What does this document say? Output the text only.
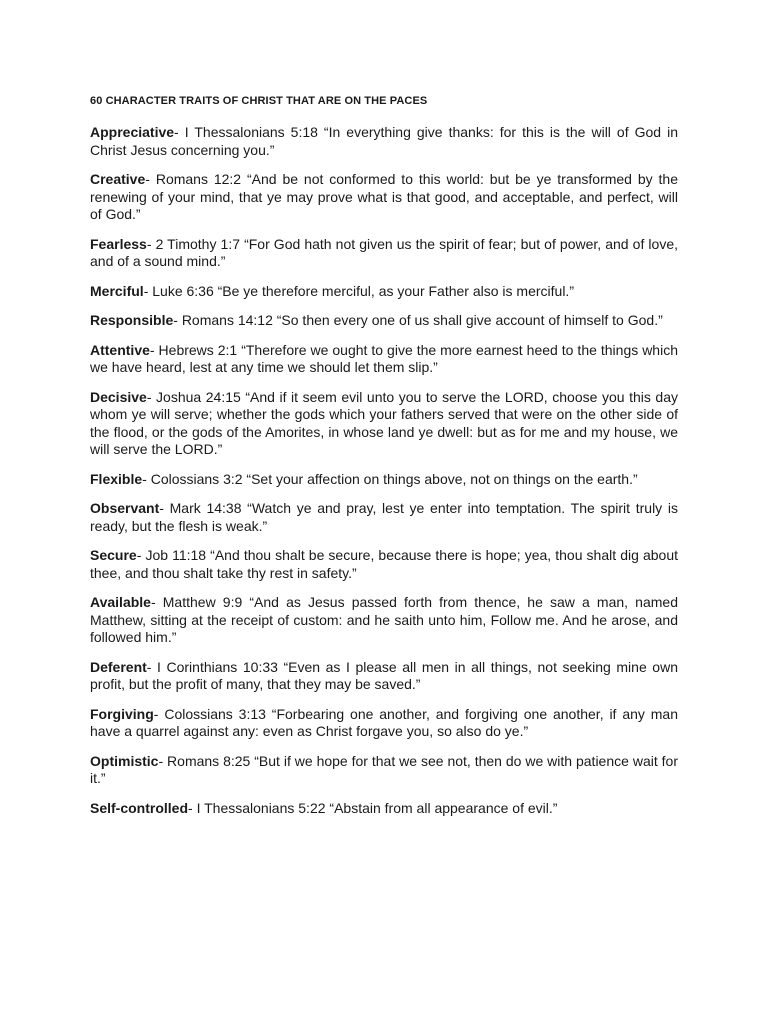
60 CHARACTER TRAITS OF CHRIST THAT ARE ON THE PACES
Appreciative- I Thessalonians 5:18 “In everything give thanks: for this is the will of God in Christ Jesus concerning you.”
Creative- Romans 12:2 “And be not conformed to this world: but be ye transformed by the renewing of your mind, that ye may prove what is that good, and acceptable, and perfect, will of God.”
Fearless- 2 Timothy 1:7 “For God hath not given us the spirit of fear; but of power, and of love, and of a sound mind.”
Merciful- Luke 6:36 “Be ye therefore merciful, as your Father also is merciful.”
Responsible- Romans 14:12 “So then every one of us shall give account of himself to God.”
Attentive- Hebrews 2:1 “Therefore we ought to give the more earnest heed to the things which we have heard, lest at any time we should let them slip.”
Decisive- Joshua 24:15 “And if it seem evil unto you to serve the LORD, choose you this day whom ye will serve; whether the gods which your fathers served that were on the other side of the flood, or the gods of the Amorites, in whose land ye dwell: but as for me and my house, we will serve the LORD.”
Flexible- Colossians 3:2 “Set your affection on things above, not on things on the earth.”
Observant- Mark 14:38 “Watch ye and pray, lest ye enter into temptation. The spirit truly is ready, but the flesh is weak.”
Secure- Job 11:18 “And thou shalt be secure, because there is hope; yea, thou shalt dig about thee, and thou shalt take thy rest in safety.”
Available- Matthew 9:9 “And as Jesus passed forth from thence, he saw a man, named Matthew, sitting at the receipt of custom: and he saith unto him, Follow me. And he arose, and followed him.”
Deferent- I Corinthians 10:33 “Even as I please all men in all things, not seeking mine own profit, but the profit of many, that they may be saved.”
Forgiving- Colossians 3:13 “Forbearing one another, and forgiving one another, if any man have a quarrel against any: even as Christ forgave you, so also do ye.”
Optimistic- Romans 8:25 “But if we hope for that we see not, then do we with patience wait for it.”
Self-controlled- I Thessalonians 5:22 “Abstain from all appearance of evil.”
